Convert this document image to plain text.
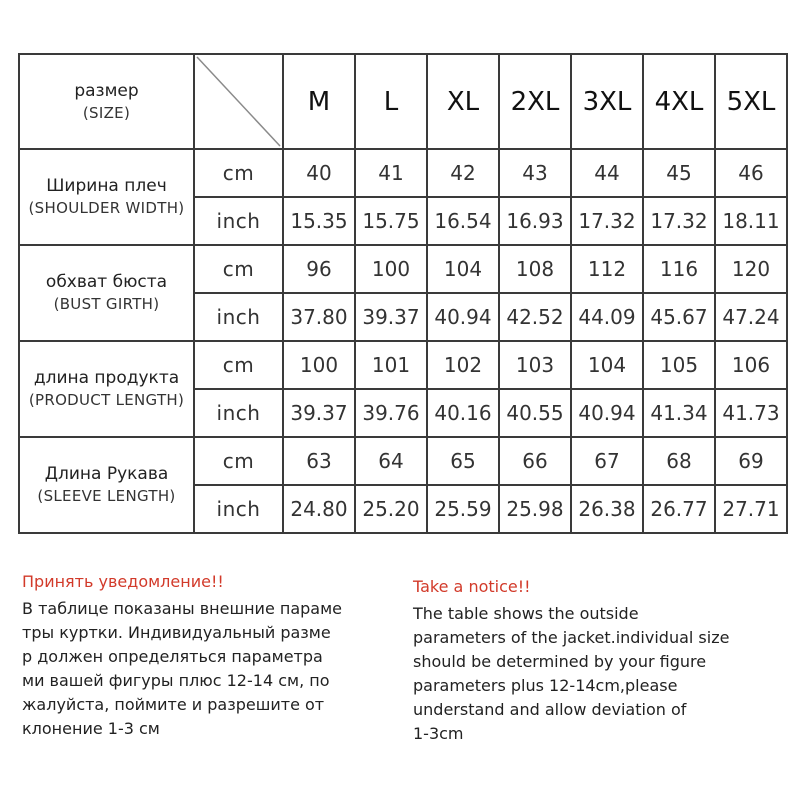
размер
(SIZE)		M	L	XL	2XL	3XL	4XL	5XL

Ширина плеч
(SHOULDER WIDTH)	cm	40	41	42	43	44	45	46
	inch	15.35	15.75	16.54	16.93	17.32	17.32	18.11

обхват бюста
(BUST GIRTH)	cm	96	100	104	108	112	116	120
	inch	37.80	39.37	40.94	42.52	44.09	45.67	47.24

длина продукта
(PRODUCT LENGTH)	cm	100	101	102	103	104	105	106
	inch	39.37	39.76	40.16	40.55	40.94	41.34	41.73

Длина Рукава
(SLEEVE LENGTH)	cm	63	64	65	66	67	68	69
	inch	24.80	25.20	25.59	25.98	26.38	26.77	27.71
Принять уведомление!!
В таблице показаны внешние параме
тры куртки. Индивидуальный разме
р должен определяться параметра
ми вашей фигуры плюс 12-14 см, по
жалуйста, поймите и разрешите от
клонение 1-3 см
Take a notice!!
The table shows the outside
parameters of the jacket.individual size
should be determined by your figure
parameters plus 12-14cm,please
understand and allow deviation of
1-3cm
